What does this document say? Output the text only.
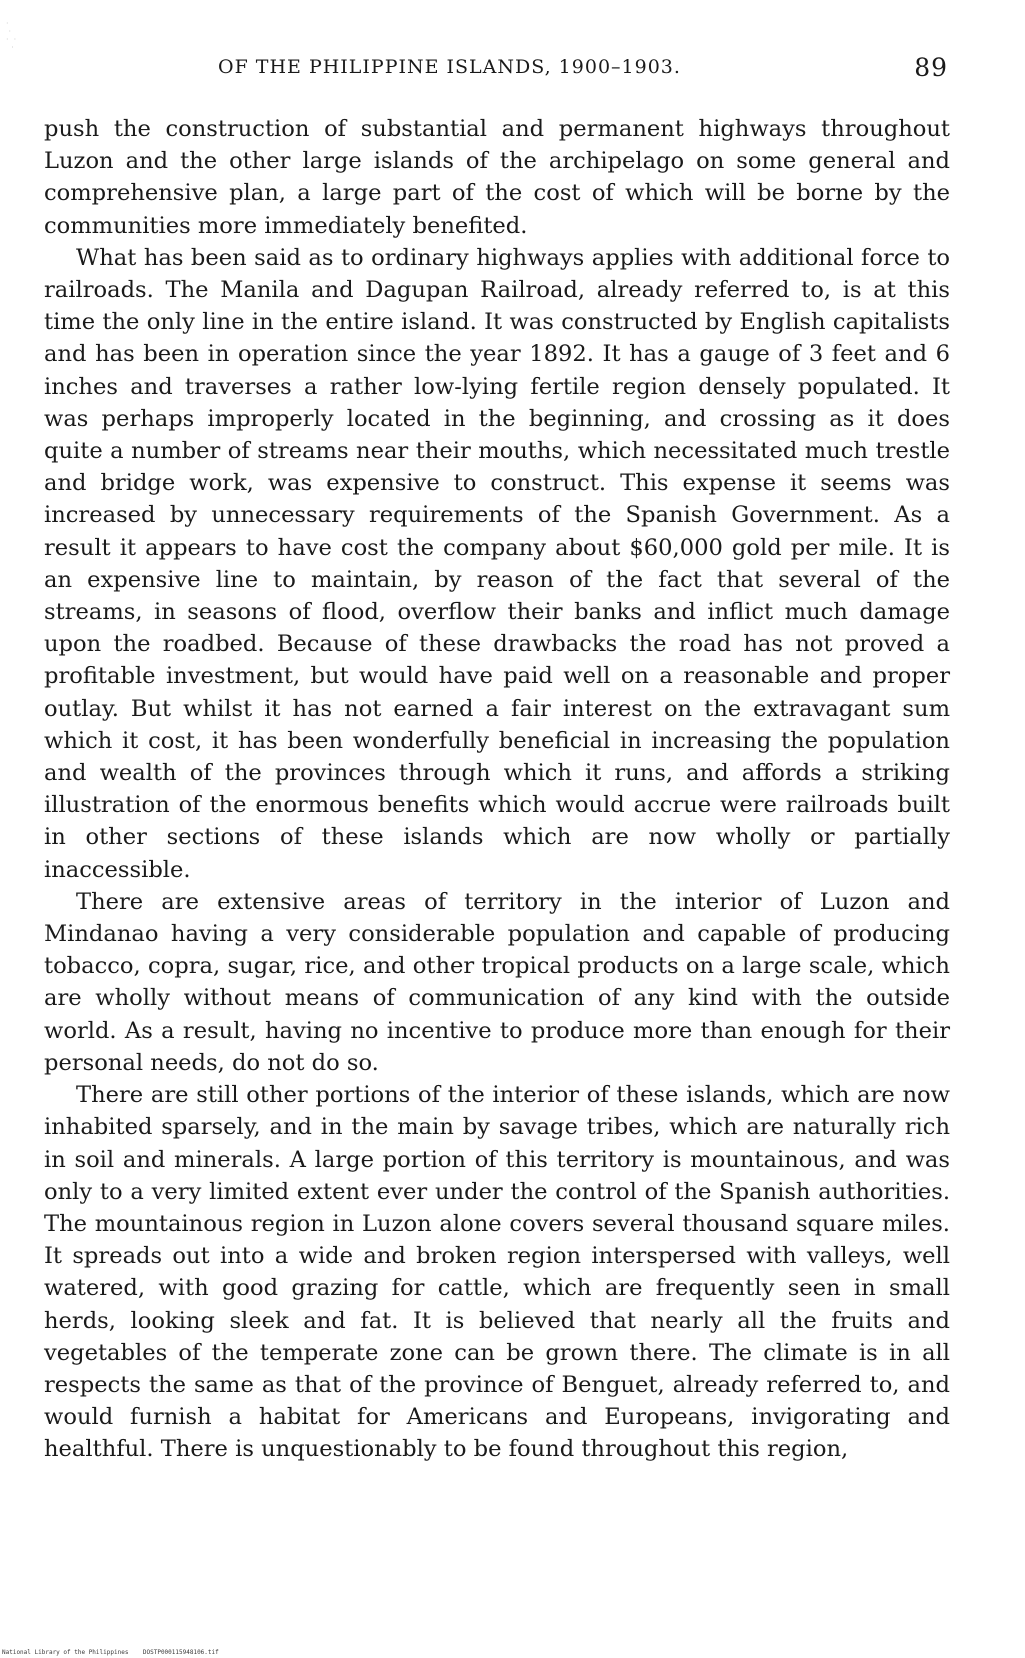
·
·
·  ·
·
OF THE PHILIPPINE ISLANDS, 1900–1903.	89

push the construction of substantial and permanent highways throughout Luzon and the other large islands of the archipelago on some general and comprehensive plan, a large part of the cost of which will be borne by the communities more immediately benefited.

What has been said as to ordinary highways applies with additional force to railroads. The Manila and Dagupan Railroad, already referred to, is at this time the only line in the entire island. It was constructed by English capitalists and has been in operation since the year 1892. It has a gauge of 3 feet and 6 inches and traverses a rather low-lying fertile region densely populated. It was perhaps improperly located in the beginning, and crossing as it does quite a number of streams near their mouths, which necessitated much trestle and bridge work, was expensive to construct. This expense it seems was increased by unnecessary requirements of the Spanish Government. As a result it appears to have cost the company about $60,000 gold per mile. It is an expensive line to maintain, by reason of the fact that several of the streams, in seasons of flood, overflow their banks and inflict much damage upon the roadbed. Because of these drawbacks the road has not proved a profitable investment, but would have paid well on a reasonable and proper outlay. But whilst it has not earned a fair interest on the extravagant sum which it cost, it has been wonderfully beneficial in increasing the population and wealth of the provinces through which it runs, and affords a striking illustration of the enormous benefits which would accrue were railroads built in other sections of these islands which are now wholly or partially inaccessible.

There are extensive areas of territory in the interior of Luzon and Mindanao having a very considerable population and capable of producing tobacco, copra, sugar, rice, and other tropical products on a large scale, which are wholly without means of communication of any kind with the outside world. As a result, having no incentive to produce more than enough for their personal needs, do not do so.

There are still other portions of the interior of these islands, which are now inhabited sparsely, and in the main by savage tribes, which are naturally rich in soil and minerals. A large portion of this territory is mountainous, and was only to a very limited extent ever under the control of the Spanish authorities. The mountainous region in Luzon alone covers several thousand square miles. It spreads out into a wide and broken region interspersed with valleys, well watered, with good grazing for cattle, which are frequently seen in small herds, looking sleek and fat. It is believed that nearly all the fruits and vegetables of the temperate zone can be grown there. The climate is in all respects the same as that of the province of Benguet, already referred to, and would furnish a habitat for Americans and Europeans, invigorating and healthful. There is unquestionably to be found throughout this region,

National Library of the Philippines    DOSTP000115948106.tif
